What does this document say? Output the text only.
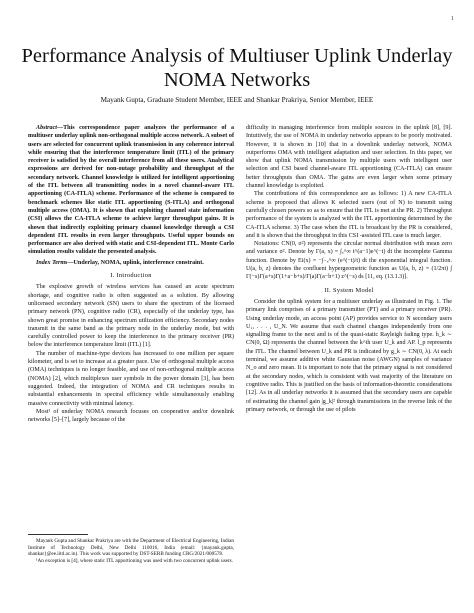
1
Performance Analysis of Multiuser Uplink Underlay NOMA Networks
Mayank Gupta, Graduate Student Member, IEEE and Shankar Prakriya, Senior Member, IEEE

Abstract—This correspondence paper analyzes the performance of a multiuser underlay uplink non-orthogonal multiple access network. A subset of users are selected for concurrent uplink transmission in any coherence interval while ensuring that the interference temperature limit (ITL) of the primary receiver is satisfied by the overall interference from all these users. Analytical expressions are derived for non-outage probability and throughput of the secondary network. Channel knowledge is utilized for intelligent apportioning of the ITL between all transmitting nodes in a novel channel-aware ITL apportioning (CA-ITLA) scheme. Performance of the scheme is compared to benchmark schemes like static ITL apportioning (S-ITLA) and orthogonal multiple access (OMA). It is shown that exploiting channel state information (CSI) allows the CA-ITLA scheme to achieve larger throughput gains. It is shown that indirectly exploiting primary channel knowledge through a CSI dependent ITL results in even larger throughputs. Useful upper bounds on performance are also derived with static and CSI-dependent ITL. Monte Carlo simulation results validate the presented analysis.

Index Terms—Underlay, NOMA, uplink, interference constraint.

I. Introduction

The explosive growth of wireless services has caused an acute spectrum shortage, and cognitive radio is often suggested as a solution. By allowing unlicensed secondary network (SN) users to share the spectrum of the licensed primary network (PN), cognitive radio (CR), especially of the underlay type, has shown great promise in enhancing spectrum utilization efficiency. Secondary nodes transmit in the same band as the primary node in the underlay mode, but with carefully controlled power to keep the interference to the primary receiver (PR) below the interference temperature limit (ITL) [1].

The number of machine-type devices has increased to one million per square kilometer, and is set to increase at a greater pace. Use of orthogonal multiple access (OMA) techniques is no longer feasible, and use of non-orthogonal multiple access (NOMA) [2], which multiplexes user symbols in the power domain [3], has been suggested. Indeed, the integration of NOMA and CR techniques results in substantial enhancements in spectral efficiency while simultaneously enabling massive connectivity with minimal latency.

Most¹ of underlay NOMA research focuses on cooperative and/or downlink networks [5]–[7], largely because of the

Mayank Gupta and Shankar Prakriya are with the Department of Electrical Engineering, Indian Institute of Technology Delhi, New Delhi 110016, India (email: {mayank.gupta, shankar}@ee.iitd.ac.in). This work was supported by DST-SERB funding CRG/2021/000578.

¹An exception is [4], where static ITL apportioning was used with two concurrent uplink users.

difficulty in managing interference from multiple sources in the uplink [8], [9]. Intuitively, the use of NOMA in underlay networks appears to be poorly motivated. However, it is shown in [10] that in a downlink underlay network, NOMA outperforms OMA with intelligent adaptation and user selection. In this paper, we show that uplink NOMA transmission by multiple users with intelligent user selection and CSI based channel-aware ITL apportioning (CA-ITLA) can ensure better throughputs than OMA. The gains are even larger when some primary channel knowledge is exploited.

The contributions of this correspondence are as follows: 1) A new CA-ITLA scheme is proposed that allows K selected users (out of N) to transmit using carefully chosen powers so as to ensure that the ITL is met at the PR. 2) Throughput performance of the system is analyzed with the ITL apportioning determined by the CA-ITLA scheme. 3) The case when the ITL is broadcast by the PR is considered, and it is shown that the throughput in this CSI -assisted ITL case is much larger.

Notations: CN(0, σ²) represents the circular normal distribution with mean zero and variance σ². Denote by Γ(a, x) = ∫ₓ^∞ t^(a−1)e^(−t) dt the incomplete Gamma function. Denote by Ei(x) = −∫₋ₓ^∞ (e^(−t)/t) dt the exponential integral function. U(a, b, z) denotes the confluent hypergeometric function as U(a, b, z) = (1/2πi) ∫ Γ(−s)Γ(a+s)Γ(1+a−b+s)/Γ(a)Γ(a−b+1) z^(−s) ds [11, eq. (13.1.3)].

II. System Model

Consider the uplink system for a multiuser underlay as illustrated in Fig. 1. The primary link comprises of a primary transmitter (PT) and a primary receiver (PR). Using underlay mode, an access point (AP) provides service to N secondary users U₁, . . . , U_N. We assume that each channel changes independently from one signalling frame to the next and is of the quasi-static Rayleigh fading type. h_k ∼ CN(0, Ω) represents the channel between the k^th user U_k and AP. l_p represents the ITL. The channel between U_k and PR is indicated by g_k ∼ CN(0, λ). At each terminal, we assume additive white Gaussian noise (AWGN) samples of variance N_o and zero mean. It is important to note that the primary signal is not considered at the secondary nodes, which is consistent with vast majority of the literature on cognitive radio. This is justified on the basis of information-theoretic considerations [12]. As in all underlay networks it is assumed that the secondary users are capable of estimating the channel gain |g_k|² through transmissions in the reverse link of the primary network, or through the use of pilots
